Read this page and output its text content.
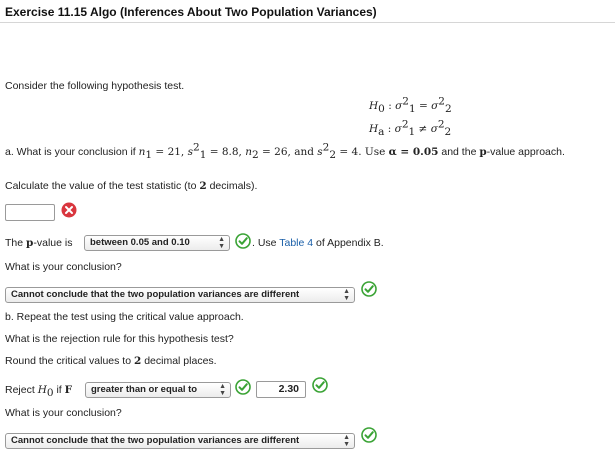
Exercise 11.15 Algo (Inferences About Two Population Variances)
Consider the following hypothesis test.
$H_0$ : $\sigma^2_1 = \sigma^2_2$
$H_a$ : $\sigma^2_1 \ne \sigma^2_2$
a. What is your conclusion if $n_1 = 21$, $s^2_1 = 8.8$, $n_2 = 26$, and $s^2_2 = 4$. Use α = 0.05 and the p-value approach.
Calculate the value of the test statistic (to 2 decimals).
The p-value is	between 0.05 and 0.10	▲
▼	. Use Table 4 of Appendix B.
What is your conclusion?
Cannot conclude that the two population variances are different	▲
▼
b. Repeat the test using the critical value approach.
What is the rejection rule for this hypothesis test?
Round the critical values to 2 decimal places.
Reject $H_0$ if F	greater than or equal to	▲
▼	2.30
What is your conclusion?
Cannot conclude that the two population variances are different	▲
▼
